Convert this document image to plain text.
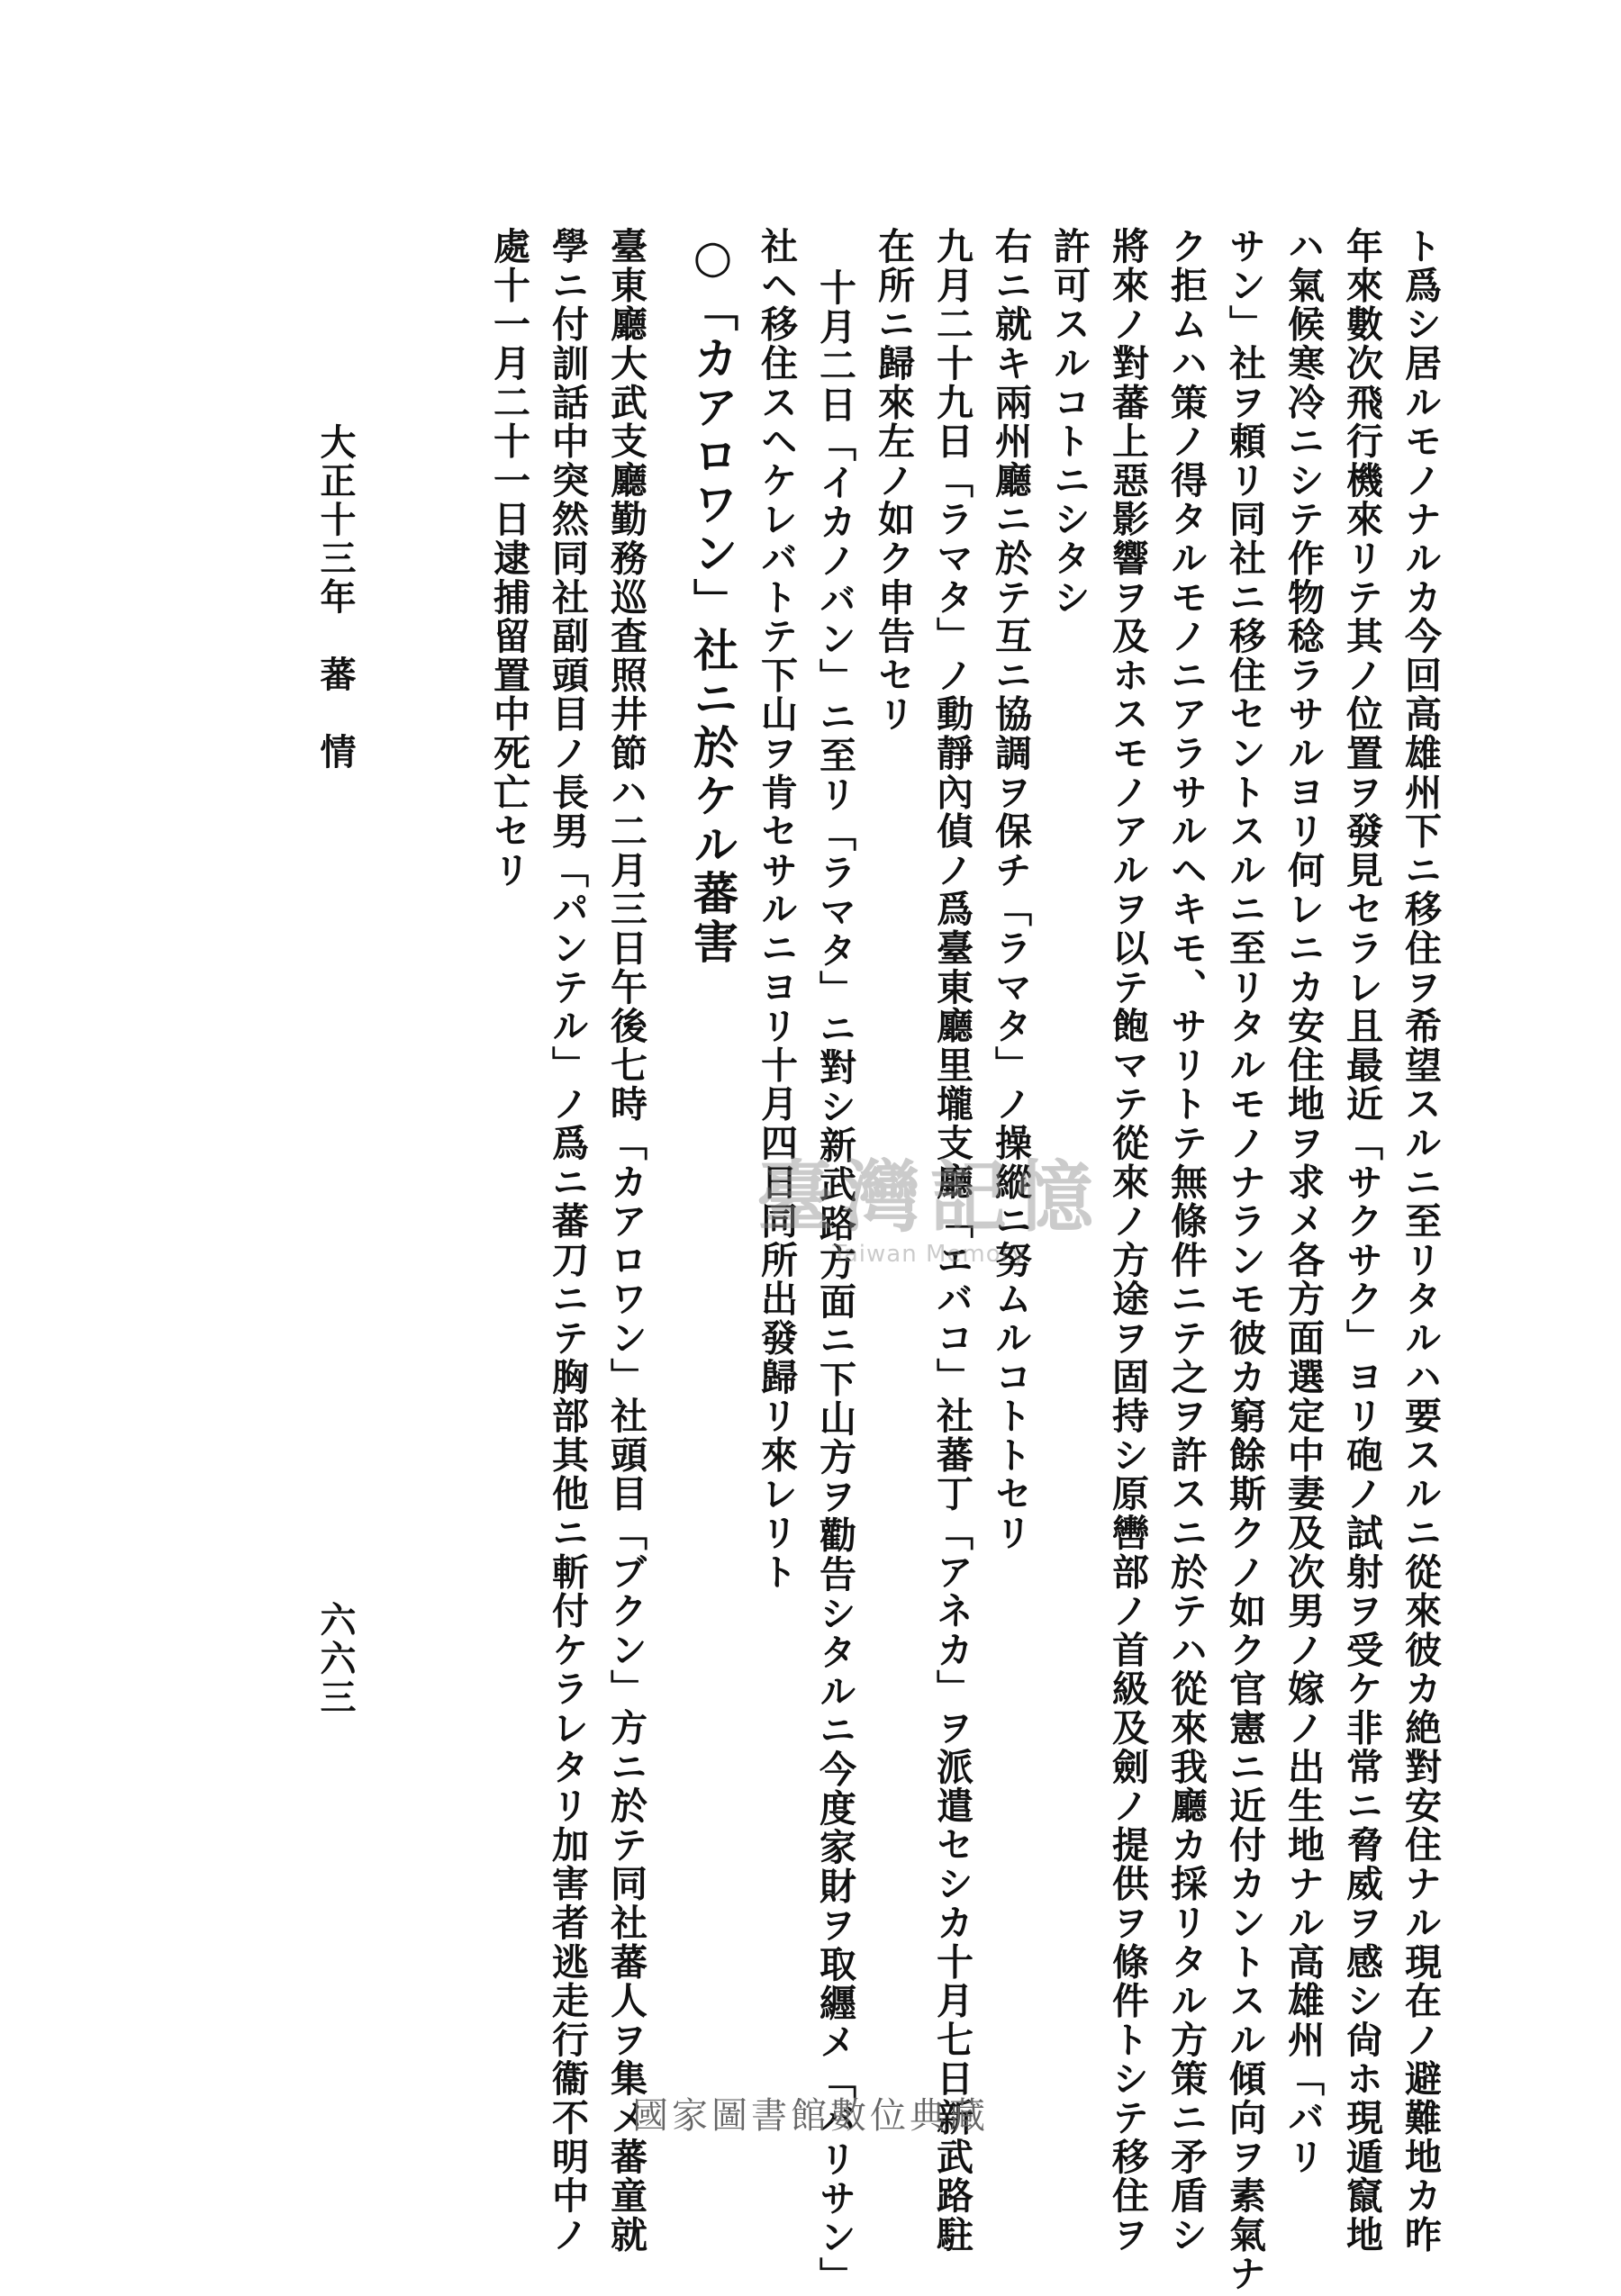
ト爲シ居ルモノナルカ今回高雄州下ニ移住ヲ希望スルニ至リタルハ要スルニ從來彼カ絶對安住ナル現在ノ避難地カ昨
年來數次飛行機來リテ其ノ位置ヲ發見セラレ且最近「サクサク」ヨリ砲ノ試射ヲ受ケ非常ニ脅威ヲ感シ尙ホ現遁竄地
ハ氣候寒冷ニシテ作物稔ラサルヨリ何レニカ安住地ヲ求メ各方面選定中妻及次男ノ嫁ノ出生地ナル高雄州「バリ
サン」社ヲ頼リ同社ニ移住セントスルニ至リタルモノナランモ彼カ窮餘斯クノ如ク官憲ニ近付カントスル傾向ヲ素氣ナ
ク拒ムハ策ノ得タルモノニアラサルヘキモ、サリトテ無條件ニテ之ヲ許スニ於テハ從來我廳カ採リタル方策ニ矛盾シ
將來ノ對蕃上惡影響ヲ及ホスモノアルヲ以テ飽マテ從來ノ方途ヲ固持シ原轡部ノ首級及劍ノ提供ヲ條件トシテ移住ヲ
許可スルコトニシタシ
右ニ就キ兩州廳ニ於テ互ニ協調ヲ保チ「ラマタ」ノ操縱ニ努ムルコトトセリ
九月二十九日「ラマタ」ノ動靜內偵ノ爲臺東廳里壠支廳「エバコ」社蕃丁「アネカ」ヲ派遣セシカ十月七日新武路駐
在所ニ歸來左ノ如ク申告セリ
十月二日「イカノバン」ニ至リ「ラマタ」ニ對シ新武路方面ニ下山方ヲ勸告シタルニ今度家財ヲ取纒メ「バリサン」
社ヘ移住スヘケレバトテ下山ヲ肯セサルニヨリ十月四日同所出發歸リ來レリト
○「カアロワン」社ニ於ケル蕃害
臺東廳大武支廳勤務巡査照井節ハ二月三日午後七時「カアロワン」社頭目「ブクン」方ニ於テ同社蕃人ヲ集メ蕃童就
學ニ付訓話中突然同社副頭目ノ長男「パンテル」ノ爲ニ蕃刀ニテ胸部其他ニ斬付ケラレタリ加害者逃走行衞不明中ノ
處十一月二十一日逮捕留置中死亡セリ
大正十三年　蕃　情
六六三
臺灣記憶
Taiwan Memory
國家圖書館數位典藏
